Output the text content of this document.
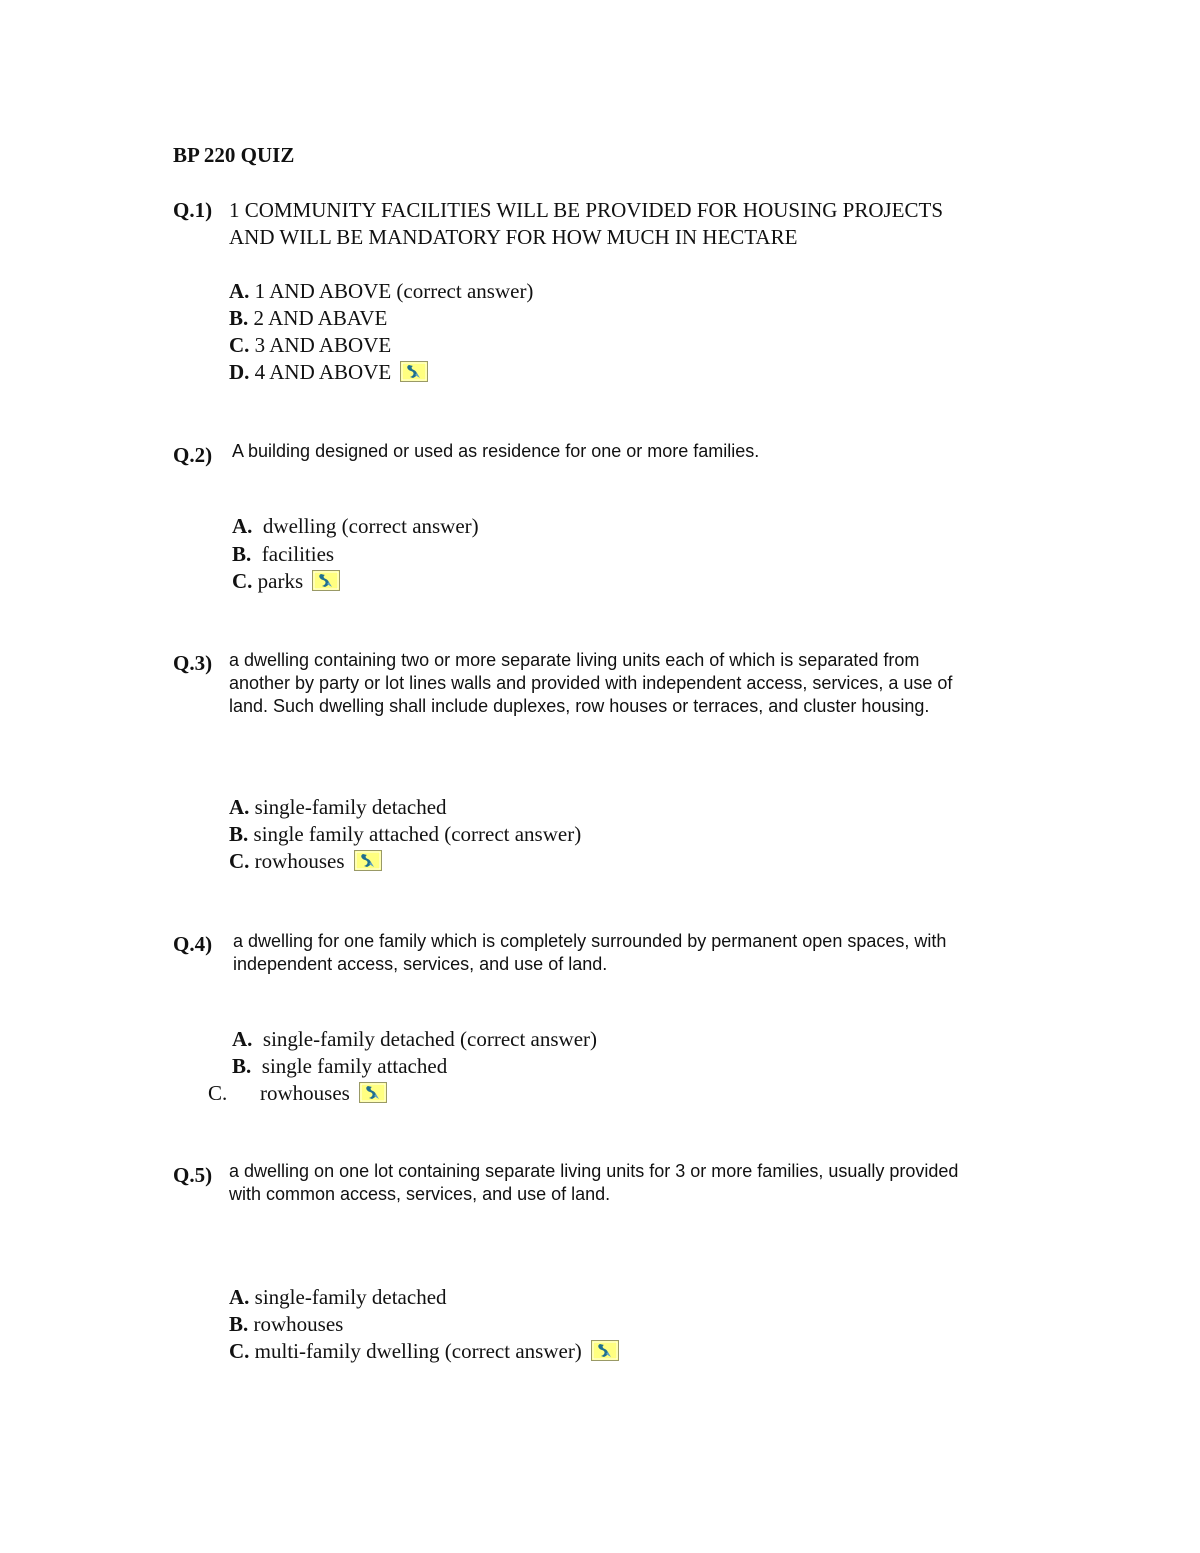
BP 220 QUIZ
Q.1) 1 COMMUNITY FACILITIES WILL BE PROVIDED FOR HOUSING PROJECTS
AND WILL BE MANDATORY FOR HOW MUCH IN HECTARE
A. 1 AND ABOVE (correct answer)
B. 2 AND ABAVE
C. 3 AND ABOVE
D. 4 AND ABOVE
Q.2) A building designed or used as residence for one or more families.
A. dwelling (correct answer)
B. facilities
C. parks
Q.3) a dwelling containing two or more separate living units each of which is separated from
another by party or lot lines walls and provided with independent access, services, a use of
land. Such dwelling shall include duplexes, row houses or terraces, and cluster housing.
A. single-family detached
B. single family attached (correct answer)
C. rowhouses
Q.4) a dwelling for one family which is completely surrounded by permanent open spaces, with
independent access, services, and use of land.
A. single-family detached (correct answer)
B. single family attached
C. rowhouses
Q.5) a dwelling on one lot containing separate living units for 3 or more families, usually provided
with common access, services, and use of land.
A. single-family detached
B. rowhouses
C. multi-family dwelling (correct answer)
